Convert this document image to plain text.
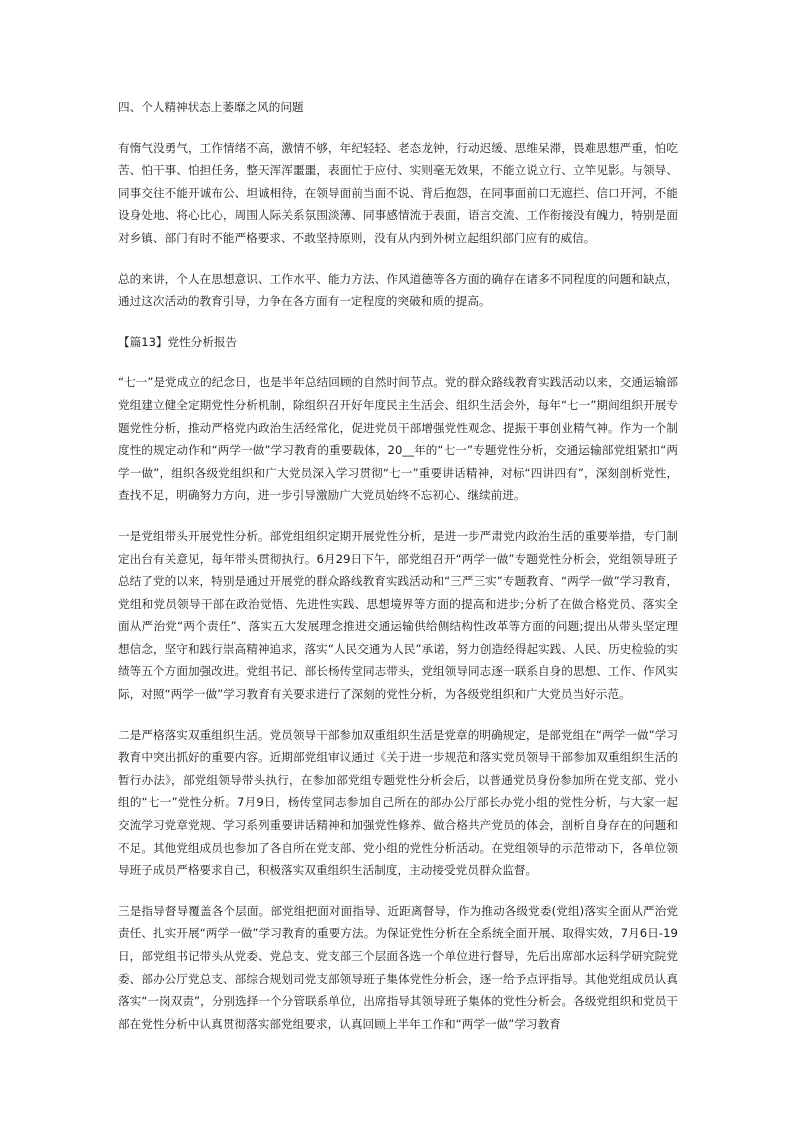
四、个人精神状态上萎靡之风的问题

有惰气没勇气，工作情绪不高，激情不够，年纪轻轻、老态龙钟，行动迟缓、思维呆滞，畏难思想严重，怕吃苦、怕干事、怕担任务，整天浑浑噩噩，表面忙于应付、实则毫无效果，不能立说立行、立竿见影。与领导、同事交往不能开诚布公、坦诚相待，在领导面前当面不说、背后抱怨，在同事面前口无遮拦、信口开河，不能设身处地、将心比心，周围人际关系氛围淡薄、同事感情流于表面，语言交流、工作衔接没有魄力，特别是面对乡镇、部门有时不能严格要求、不敢坚持原则，没有从内到外树立起组织部门应有的威信。

总的来讲，个人在思想意识、工作水平、能力方法、作风道德等各方面的确存在诸多不同程度的问题和缺点，通过这次活动的教育引导，力争在各方面有一定程度的突破和质的提高。

【篇13】党性分析报告

“七一”是党成立的纪念日，也是半年总结回顾的自然时间节点。党的群众路线教育实践活动以来，交通运输部党组建立健全定期党性分析机制，除组织召开好年度民主生活会、组织生活会外，每年“七一”期间组织开展专题党性分析，推动严格党内政治生活经常化，促进党员干部增强党性观念、提振干事创业精气神。作为一个制度性的规定动作和“两学一做”学习教育的重要载体，20__年的“七一”专题党性分析，交通运输部党组紧扣“两学一做”，组织各级党组织和广大党员深入学习贯彻“七一”重要讲话精神，对标“四讲四有”，深刻剖析党性，查找不足，明确努力方向，进一步引导激励广大党员始终不忘初心、继续前进。

一是党组带头开展党性分析。部党组组织定期开展党性分析，是进一步严肃党内政治生活的重要举措，专门制定出台有关意见，每年带头贯彻执行。6月29日下午，部党组召开“两学一做”专题党性分析会，党组领导班子总结了党的以来，特别是通过开展党的群众路线教育实践活动和“三严三实”专题教育、“两学一做”学习教育，党组和党员领导干部在政治觉悟、先进性实践、思想境界等方面的提高和进步;分析了在做合格党员、落实全面从严治党“两个责任”、落实五大发展理念推进交通运输供给侧结构性改革等方面的问题;提出从带头坚定理想信念，坚守和践行崇高精神追求，落实“人民交通为人民”承诺，努力创造经得起实践、人民、历史检验的实绩等五个方面加强改进。党组书记、部长杨传堂同志带头，党组领导同志逐一联系自身的思想、工作、作风实际，对照“两学一做”学习教育有关要求进行了深刻的党性分析，为各级党组织和广大党员当好示范。

二是严格落实双重组织生活。党员领导干部参加双重组织生活是党章的明确规定，是部党组在“两学一做”学习教育中突出抓好的重要内容。近期部党组审议通过《关于进一步规范和落实党员领导干部参加双重组织生活的暂行办法》，部党组领导带头执行，在参加部党组专题党性分析会后，以普通党员身份参加所在党支部、党小组的“七一”党性分析。7月9日，杨传堂同志参加自己所在的部办公厅部长办党小组的党性分析，与大家一起交流学习党章党规、学习系列重要讲话精神和加强党性修养、做合格共产党员的体会，剖析自身存在的问题和不足。其他党组成员也参加了各自所在党支部、党小组的党性分析活动。在党组领导的示范带动下，各单位领导班子成员严格要求自己，积极落实双重组织生活制度，主动接受党员群众监督。

三是指导督导覆盖各个层面。部党组把面对面指导、近距离督导，作为推动各级党委(党组)落实全面从严治党责任、扎实开展“两学一做”学习教育的重要方法。为保证党性分析在全系统全面开展、取得实效，7月6日-19日，部党组书记带头从党委、党总支、党支部三个层面各选一个单位进行督导，先后出席部水运科学研究院党委、部办公厅党总支、部综合规划司党支部领导班子集体党性分析会，逐一给予点评指导。其他党组成员认真落实“一岗双责”，分别选择一个分管联系单位，出席指导其领导班子集体的党性分析会。各级党组织和党员干部在党性分析中认真贯彻落实部党组要求，认真回顾上半年工作和“两学一做”学习教育
